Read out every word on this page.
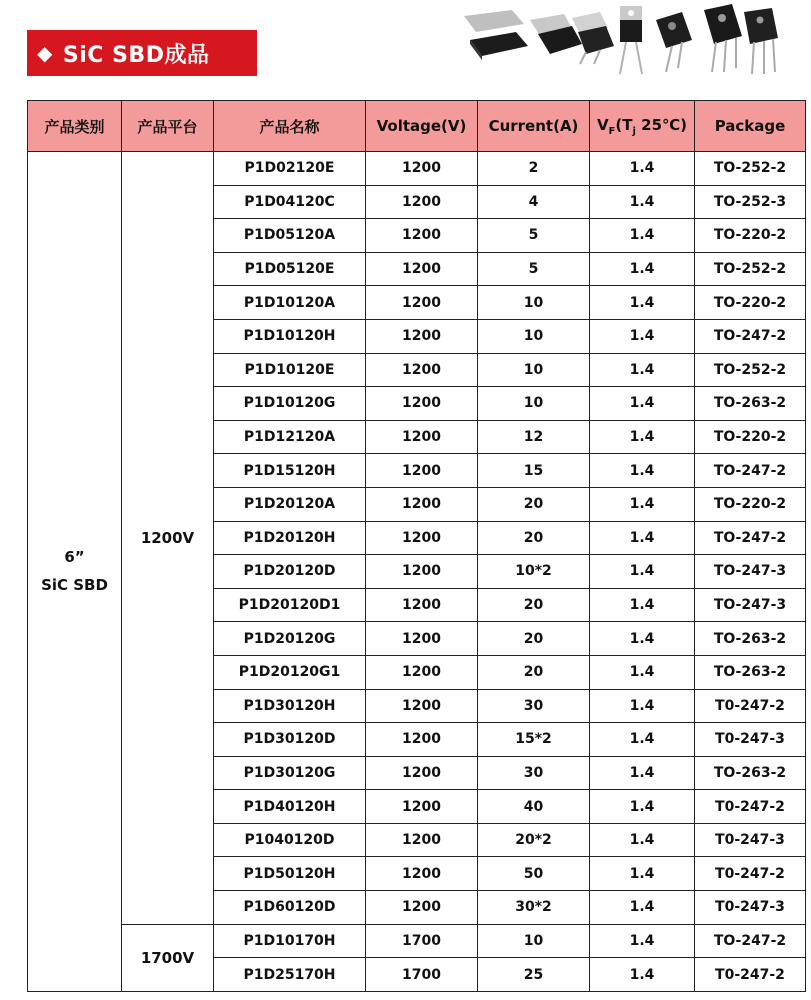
◆ SiC SBD成品
产品类别	产品平台	产品名称	Voltage(V)	Current(A)	$V_F(T_j$ 25℃)	Package

6”
SiC SBD	1200V	P1D02120E	1200	2	1.4	TO-252-2
		P1D04120C	1200	4	1.4	TO-252-3
		P1D05120A	1200	5	1.4	TO-220-2
		P1D05120E	1200	5	1.4	TO-252-2
		P1D10120A	1200	10	1.4	TO-220-2
		P1D10120H	1200	10	1.4	TO-247-2
		P1D10120E	1200	10	1.4	TO-252-2
		P1D10120G	1200	10	1.4	TO-263-2
		P1D12120A	1200	12	1.4	TO-220-2
		P1D15120H	1200	15	1.4	TO-247-2
		P1D20120A	1200	20	1.4	TO-220-2
		P1D20120H	1200	20	1.4	TO-247-2
		P1D20120D	1200	10*2	1.4	TO-247-3
		P1D20120D1	1200	20	1.4	TO-247-3
		P1D20120G	1200	20	1.4	TO-263-2
		P1D20120G1	1200	20	1.4	TO-263-2
		P1D30120H	1200	30	1.4	T0-247-2
		P1D30120D	1200	15*2	1.4	T0-247-3
		P1D30120G	1200	30	1.4	TO-263-2
		P1D40120H	1200	40	1.4	T0-247-2
		P1040120D	1200	20*2	1.4	T0-247-3
		P1D50120H	1200	50	1.4	T0-247-2
		P1D60120D	1200	30*2	1.4	T0-247-3
	1700V	P1D10170H	1700	10	1.4	TO-247-2
		P1D25170H	1700	25	1.4	T0-247-2
